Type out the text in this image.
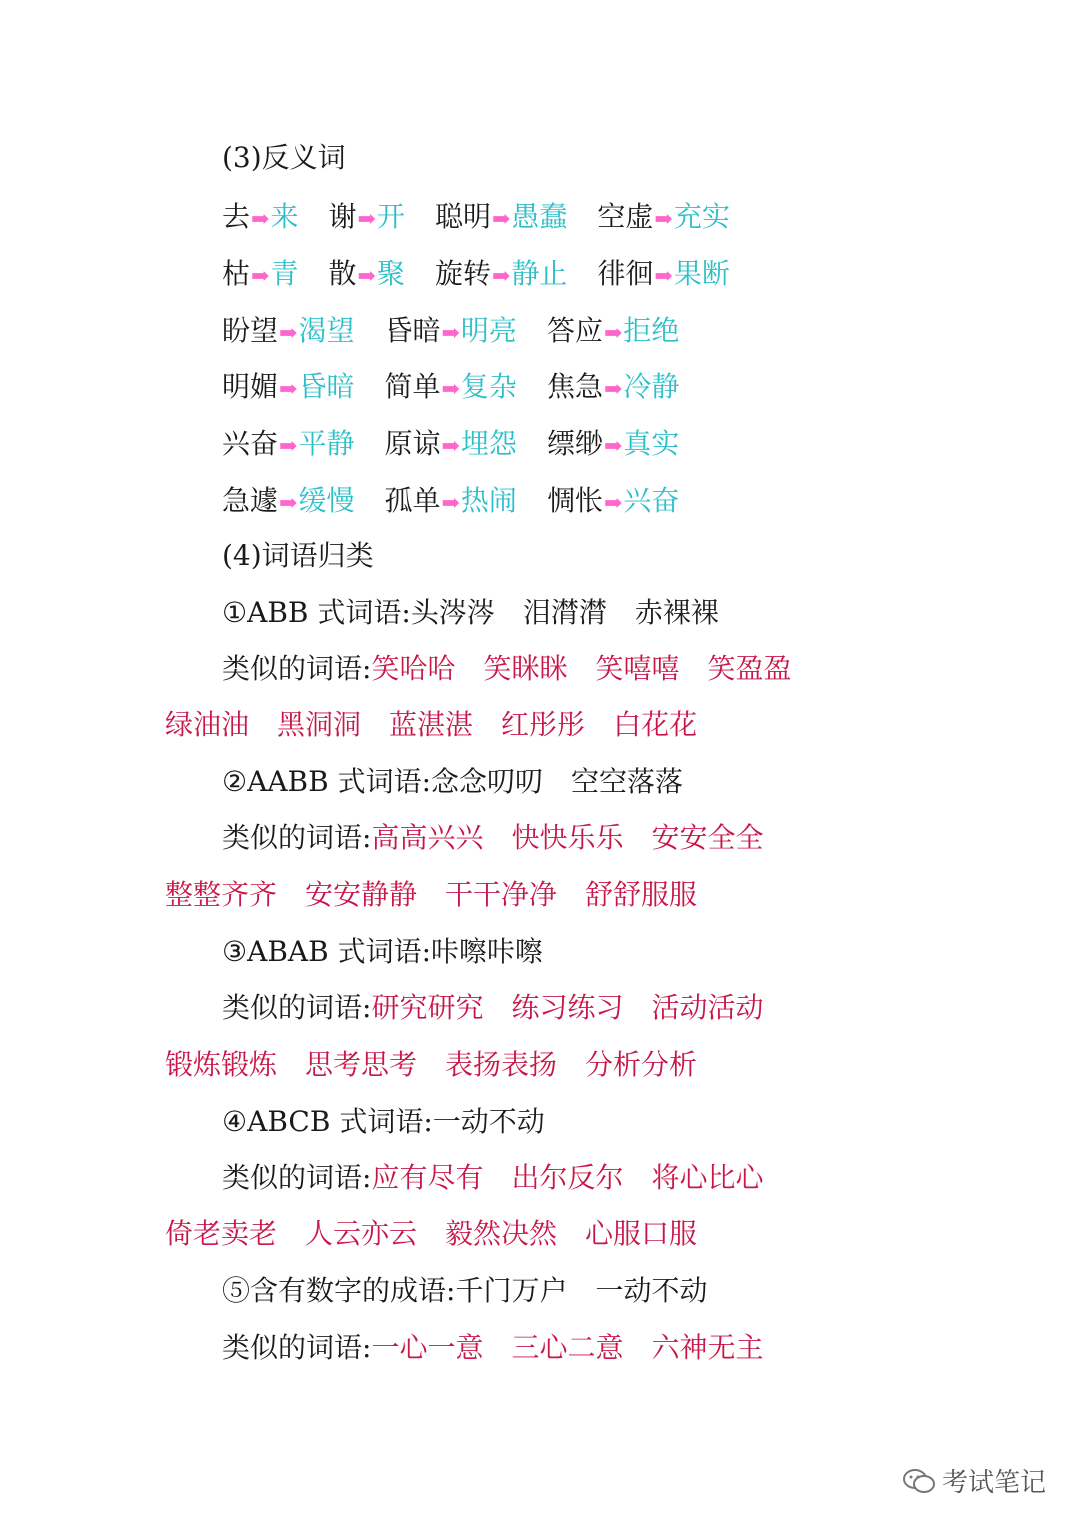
(3)反义词
去➡来 谢➡开 聪明➡愚蠢 空虚➡充实
枯➡青 散➡聚 旋转➡静止 徘徊➡果断
盼望➡渴望 昏暗➡明亮 答应➡拒绝
明媚➡昏暗 简单➡复杂 焦急➡冷静
兴奋➡平静 原谅➡埋怨 缥缈➡真实
急遽➡缓慢 孤单➡热闹 惆怅➡兴奋
(4)词语归类
①ABB 式词语:头涔涔 泪潸潸 赤裸裸
类似的词语:笑哈哈 笑眯眯 笑嘻嘻 笑盈盈
绿油油 黑洞洞 蓝湛湛 红彤彤 白花花
②AABB 式词语:念念叨叨 空空落落
类似的词语:高高兴兴 快快乐乐 安安全全
整整齐齐 安安静静 干干净净 舒舒服服
③ABAB 式词语:咔嚓咔嚓
类似的词语:研究研究 练习练习 活动活动
锻炼锻炼 思考思考 表扬表扬 分析分析
④ABCB 式词语:一动不动
类似的词语:应有尽有 出尔反尔 将心比心
倚老卖老 人云亦云 毅然决然 心服口服
⑤含有数字的成语:千门万户 一动不动
类似的词语:一心一意 三心二意 六神无主
考试笔记
